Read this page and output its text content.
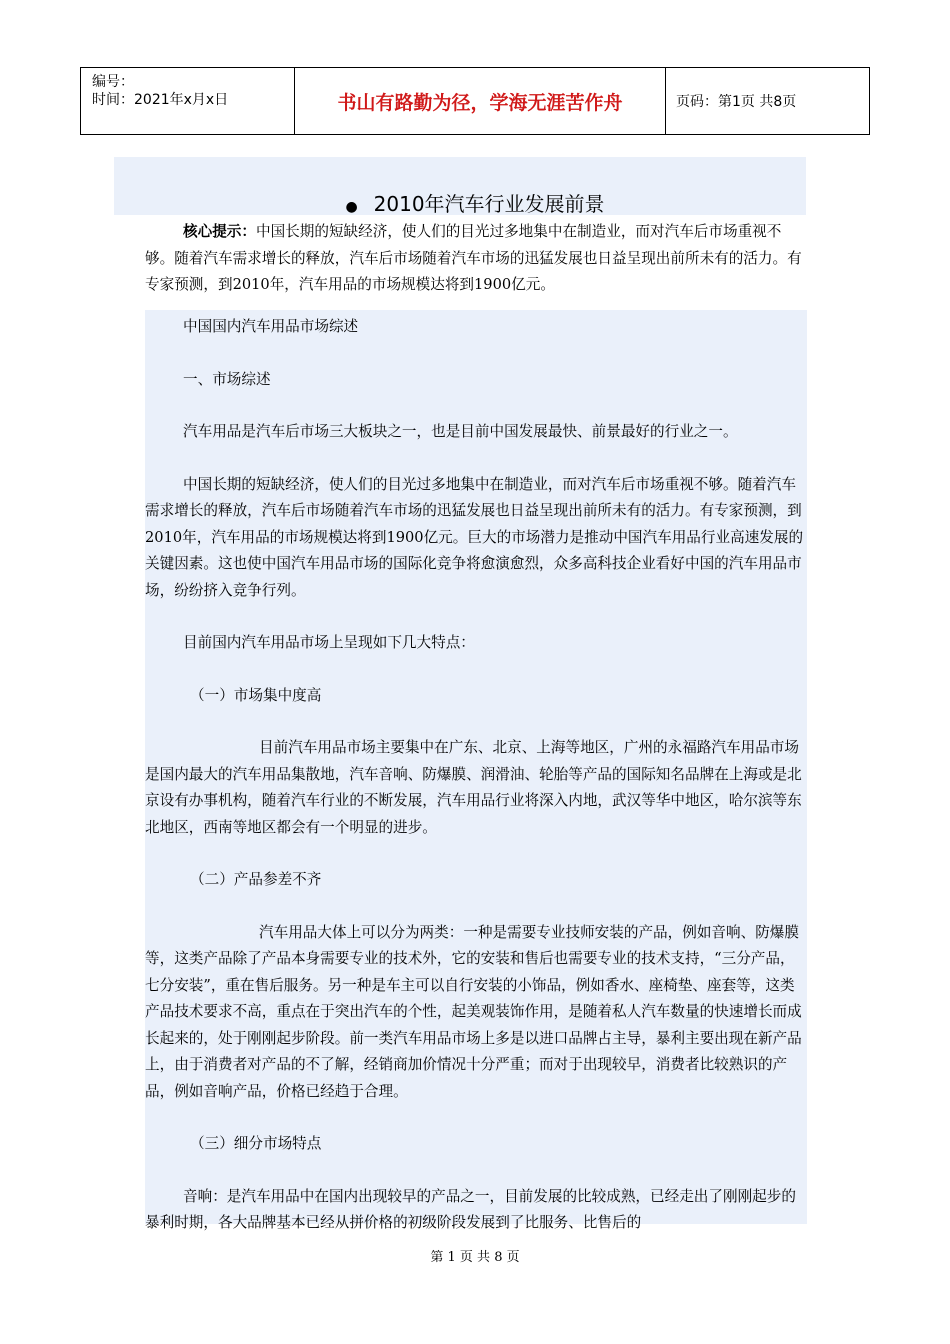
编号：
时间：2021年x月x日	书山有路勤为径，学海无涯苦作舟	页码：第1页 共8页
● 2010年汽车行业发展前景
核心提示：中国长期的短缺经济，使人们的目光过多地集中在制造业，而对汽车后市场重视不够。随着汽车需求增长的释放，汽车后市场随着汽车市场的迅猛发展也日益呈现出前所未有的活力。有专家预测，到2010年，汽车用品的市场规模达将到1900亿元。

中国国内汽车用品市场综述

一、市场综述

汽车用品是汽车后市场三大板块之一，也是目前中国发展最快、前景最好的行业之一。

中国长期的短缺经济，使人们的目光过多地集中在制造业，而对汽车后市场重视不够。随着汽车需求增长的释放，汽车后市场随着汽车市场的迅猛发展也日益呈现出前所未有的活力。有专家预测，到2010年，汽车用品的市场规模达将到1900亿元。巨大的市场潜力是推动中国汽车用品行业高速发展的关键因素。这也使中国汽车用品市场的国际化竞争将愈演愈烈，众多高科技企业看好中国的汽车用品市场，纷纷挤入竞争行列。

目前国内汽车用品市场上呈现如下几大特点：

（一）市场集中度高

目前汽车用品市场主要集中在广东、北京、上海等地区，广州的永福路汽车用品市场是国内最大的汽车用品集散地，汽车音响、防爆膜、润滑油、轮胎等产品的国际知名品牌在上海或是北京设有办事机构，随着汽车行业的不断发展，汽车用品行业将深入内地，武汉等华中地区，哈尔滨等东北地区，西南等地区都会有一个明显的进步。

（二）产品参差不齐

汽车用品大体上可以分为两类：一种是需要专业技师安装的产品，例如音响、防爆膜等，这类产品除了产品本身需要专业的技术外，它的安装和售后也需要专业的技术支持，“三分产品，七分安装”，重在售后服务。另一种是车主可以自行安装的小饰品，例如香水、座椅垫、座套等，这类产品技术要求不高，重点在于突出汽车的个性，起美观装饰作用，是随着私人汽车数量的快速增长而成长起来的，处于刚刚起步阶段。前一类汽车用品市场上多是以进口品牌占主导，暴利主要出现在新产品上，由于消费者对产品的不了解，经销商加价情况十分严重；而对于出现较早，消费者比较熟识的产品，例如音响产品，价格已经趋于合理。

（三）细分市场特点

音响：是汽车用品中在国内出现较早的产品之一，目前发展的比较成熟，已经走出了刚刚起步的暴利时期，各大品牌基本已经从拼价格的初级阶段发展到了比服务、比售后的

第 1 页 共 8 页
